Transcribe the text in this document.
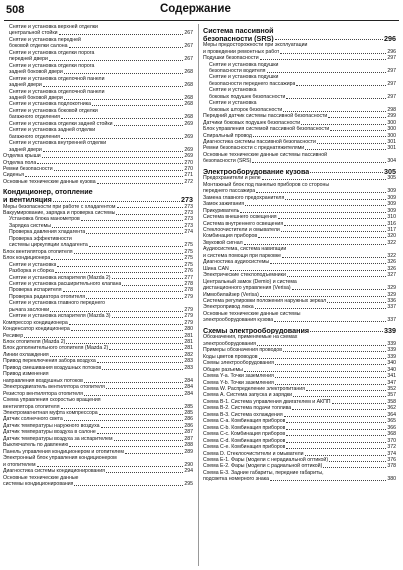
508	Содержание
Снятие и установка верхней отделки
центральной стойки	267
Снятие и установка передней
боковой отделки салона	267
Снятие и установка отделки порога
передней двери	267
Снятие и установка отделки порога
задней боковой двери	268
Снятие и установка отделочной панели
задней двери	268
Снятие и установка отделочной панели
задней боковой двери	268
Снятие и установка подлокотника	268
Снятие и установка боковой отделки
багажного отделения	268
Снятие и установка отделки задней стойки	269
Снятие и установка задней отделки
багажного отделения	269
Снятие и установка внутренней отделки
задней двери	269
Отделка крыши	269
Отделка пола	270
Ремни безопасности	270
Сиденья	271
Основные технические данные кузова	272
Кондиционер, отопление
и вентиляция	273
Меры безопасности при работе с хладагентом	273
Вакуумирование, зарядка и проверка системы	273
Установка блока манометров	273
Зарядка системы	273
Проверка давления хладагента	274
Проверка эффективности
системы циркуляции хладагента	275
Блок вентилятора отопителя	275
Блок кондиционера	275
Снятие и установка	275
Разборка и сборка	276
Снятие и установка испарителя (Mazda 2)	277
Снятие и установка расширительного клапана	278
Проверка испарителя	278
Проверка радиатора отопителя	279
Снятие и установка главного переднего
рычага заслонки	279
Снятие и установка испарителя (Mazda 3)	279
Компрессор кондиционера	279
Конденсатор кондиционера	280
Ресивер	281
Блок отопителя (Mazda 2)	281
Блок дополнительного отопителя (Mazda 2)	281
Линии охлаждения	282
Привод переключения забора воздуха	283
Привод смешивания воздушных потоков	283
Привод изменения
направления воздушных потоков	284
Электродвигатель вентилятора отопителя	284
Резистор вентилятора отопителя	284
Схема управления скоростью вращения
вентилятора отопителя	285
Электромагнитная муфта компрессора	285
Датчик солнечного света	286
Датчик температуры наружного воздуха	286
Датчик температуры воздуха в салоне	287
Датчик температуры воздуха за испарителем	287
Выключатель по давлению	288
Панель управления кондиционером и отопителем	289
Электронный блок управления кондиционером
и отопителем	290
Диагностика системы кондиционирования	294
Основные технические данные
системы кондиционирования	295
Система пассивной
безопасности (SRS)	296
Меры предосторожности при эксплуатации
и проведении ремонтных работ	296
Подушки безопасности	297
Снятие и установка подушки
безопасности водителя	297
Снятие и установка подушки
безопасности переднего пассажира	297
Снятие и установка
боковых подушек безопасности	297
Снятие и установка
боковых шторок безопасности	298
Передний датчик системы пассивной безопасности	299
Датчики боковых подушек безопасности	300
Блок управления системой пассивной безопасности	300
Спиральный провод	300
Диагностика системы пассивной безопасности	301
Ремни безопасности с преднатяжителями	301
Основные технические данные системы пассивной
безопасности (SRS)	304
Электрооборудование кузова	305
Предохранители и реле	305
Монтажный блок под панелью приборов со стороны
переднего пассажира	309
Замена главного предохранителя	309
Замок зажигания	309
Прикуриватель	309
Система внешнего освещения	310
Система внутреннего освещения	316
Стеклоочистители и омыватели	317
Комбинация приборов	320
Звуковой сигнал	322
Аудиосистема, система навигации
и система помощи при парковке	322
Диагностика аудиосистемы	326
Шина CAN	326
Электрические стеклоподъемники	327
Центральный замок (Demio) и система
дистанционного управления (Verisa)	329
Иммобилайзер (Verisa)	329
Система регулировки положения наружных зеркал	336
Электропривод люка	337
Основные технические данные системы
электрооборудования кузова	337
Схемы электрооборудования	339
Обозначения, применяемые на схемах
электрооборудования	339
Примеры обозначения проводов	339
Коды цветов проводов	339
Схемы электрооборудования	340
Общие разъемы	340
Схема Y-a. Точки заземления	341
Схема Y-b. Точки заземления	347
Схема W. Распределение электропитания	352
Схема A. Система запуска и зарядки	357
Схема B-1. Система управления двигателем и АКПП	358
Схема B-2. Система подачи топлива	362
Схема B-3. Система охлаждения	364
Схема C-a. Комбинация приборов	365
Схема C-b. Комбинация приборов	366
Схема C-c. Комбинация приборов	368
Схема C-d. Комбинация приборов	370
Схема C-e. Комбинация приборов	372
Схема D. Стеклоочистители и омыватели	374
Схема E-1. Фары (модели с нерадиальной оптикой)	376
Схема E-2. Фары (модели с радиальной оптикой)	378
Схема E-3. Задние габариты, передние габариты,
подсветка номерного знака	380
